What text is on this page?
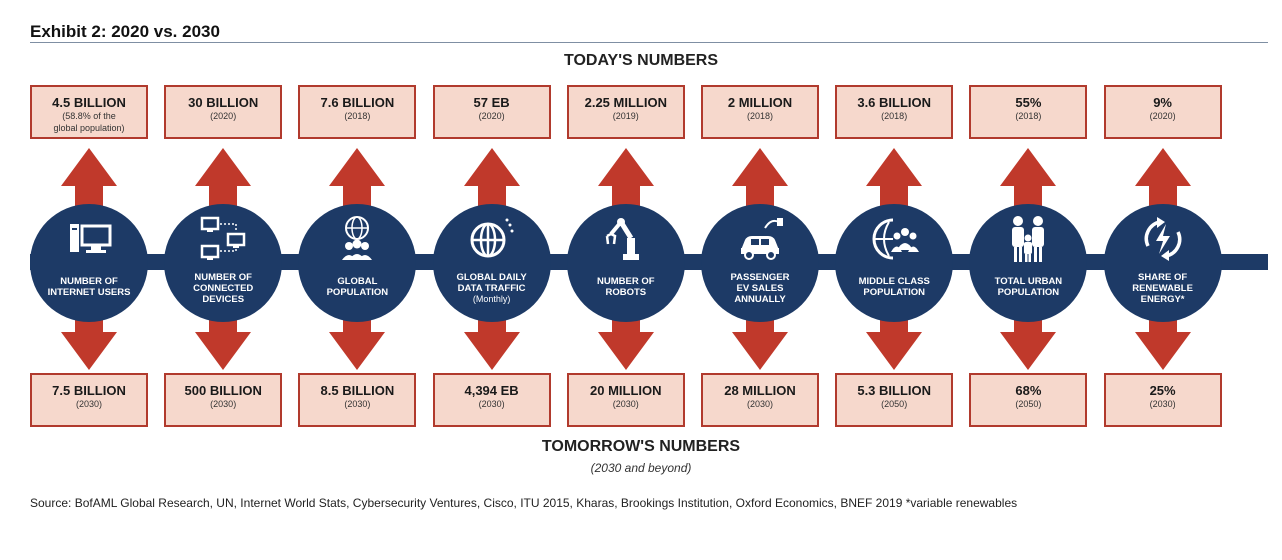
Exhibit 2: 2020 vs. 2030
TODAY'S NUMBERS
4.5 BILLION
(58.8% of the
global population)
NUMBER OF
INTERNET USERS
7.5 BILLION
(2030)
30 BILLION
(2020)
NUMBER OF
CONNECTED
DEVICES
500 BILLION
(2030)
7.6 BILLION
(2018)
GLOBAL
POPULATION
8.5 BILLION
(2030)
57 EB
(2020)
GLOBAL DAILY
DATA TRAFFIC
(Monthly)
4,394 EB
(2030)
2.25 MILLION
(2019)
NUMBER OF
ROBOTS
20 MILLION
(2030)
2 MILLION
(2018)
PASSENGER
EV SALES
ANNUALLY
28 MILLION
(2030)
3.6 BILLION
(2018)
MIDDLE CLASS
POPULATION
5.3 BILLION
(2050)
55%
(2018)
TOTAL URBAN
POPULATION
68%
(2050)
9%
(2020)
SHARE OF
RENEWABLE
ENERGY*
25%
(2030)
TOMORROW'S NUMBERS
(2030 and beyond)
Source: BofAML Global Research, UN, Internet World Stats, Cybersecurity Ventures, Cisco, ITU 2015, Kharas, Brookings Institution, Oxford Economics, BNEF 2019 *variable renewables
